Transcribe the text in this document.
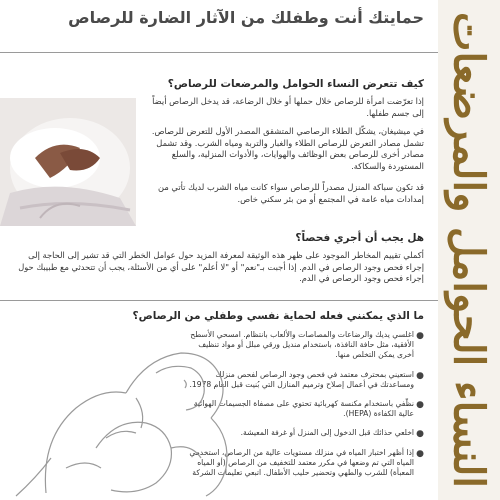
حمايتك أنت وطفلك من الآثار الضارة للرصاص
كيف تتعرض النساء الحوامل والمرضعات للرصاص؟
إذا تعرّضت امرأة للرصاص خلال حملها أو خلال الرضاعة، قد يدخل الرصاص أيضاً
إلى جسم طفلها.
في ميشيغان، يشكّل الطلاء الرصاصي المتشقق المصدر الأول للتعرض للرصاص.
تشمل مصادر التعرض للرصاص الطلاء والغبار والتربة ومياه الشرب. وقد تشمل
مصادر أخرى للرصاص بعض الوظائف والهوايات، والأدوات المنزلية، والسلع
المستوردة والسكاكة.
قد تكون سباكة المنزل مصدراً للرصاص سواء كانت مياه الشرب لديك تأتي من
إمدادات مياه عامة في المجتمع أو من بئر سكني خاص.
هل يجب أن أجري فحصاً؟
أكملي تقييم المخاطر الموجود على ظهر هذه الوثيقة لمعرفة المزيد حول عوامل الخطر التي قد تشير إلى الحاجة إلى
إجراء فحص وجود الرصاص في الدم. إذا أجبت بـ"نعم" أو "لا أعلم" على أي من الأسئلة، يجب أن تتحدثي مع طبيبك حول
إجراء فحص وجود الرصاص في الدم.
ما الذي يمكنني فعله لحماية نفسي وطفلي من الرصاص؟
●
اغلسي يديك والرضاعات والمصاصات والألعاب بانتظام. امسحي الأسطح
الأفقية، مثل حافة النافذة، باستخدام منديل ورقي مبلل أو مواد تنظيف
أخرى يمكن التخلص منها.
●
استعيني بمحترف معتمد في فحص وجود الرصاص لفحص منزلك
ومساعدتك في أعمال إصلاح وترميم المنازل التي بُنيت قبل العام 1978.
●
نظّفي باستخدام مكنسة كهربائية تحتوي على مصفاة الجسيمات الهوائية
عالية الكفاءة (HEPA).
●
اخلعي حذائك قبل الدخول إلى المنزل أو غرفة المعيشة.
●
إذا أظهر اختبار المياه في منزلك مستويات عالية من الرصاص، استخدمي
المياه التي تم وضعها في مكرر معتمد للتخفيف من الرصاص (أو المياه
المعبأة) للشرب والطهي وتحضير حليب الأطفال. اتبعي تعليمات الشركة النساء الحوامل والمرضعات
